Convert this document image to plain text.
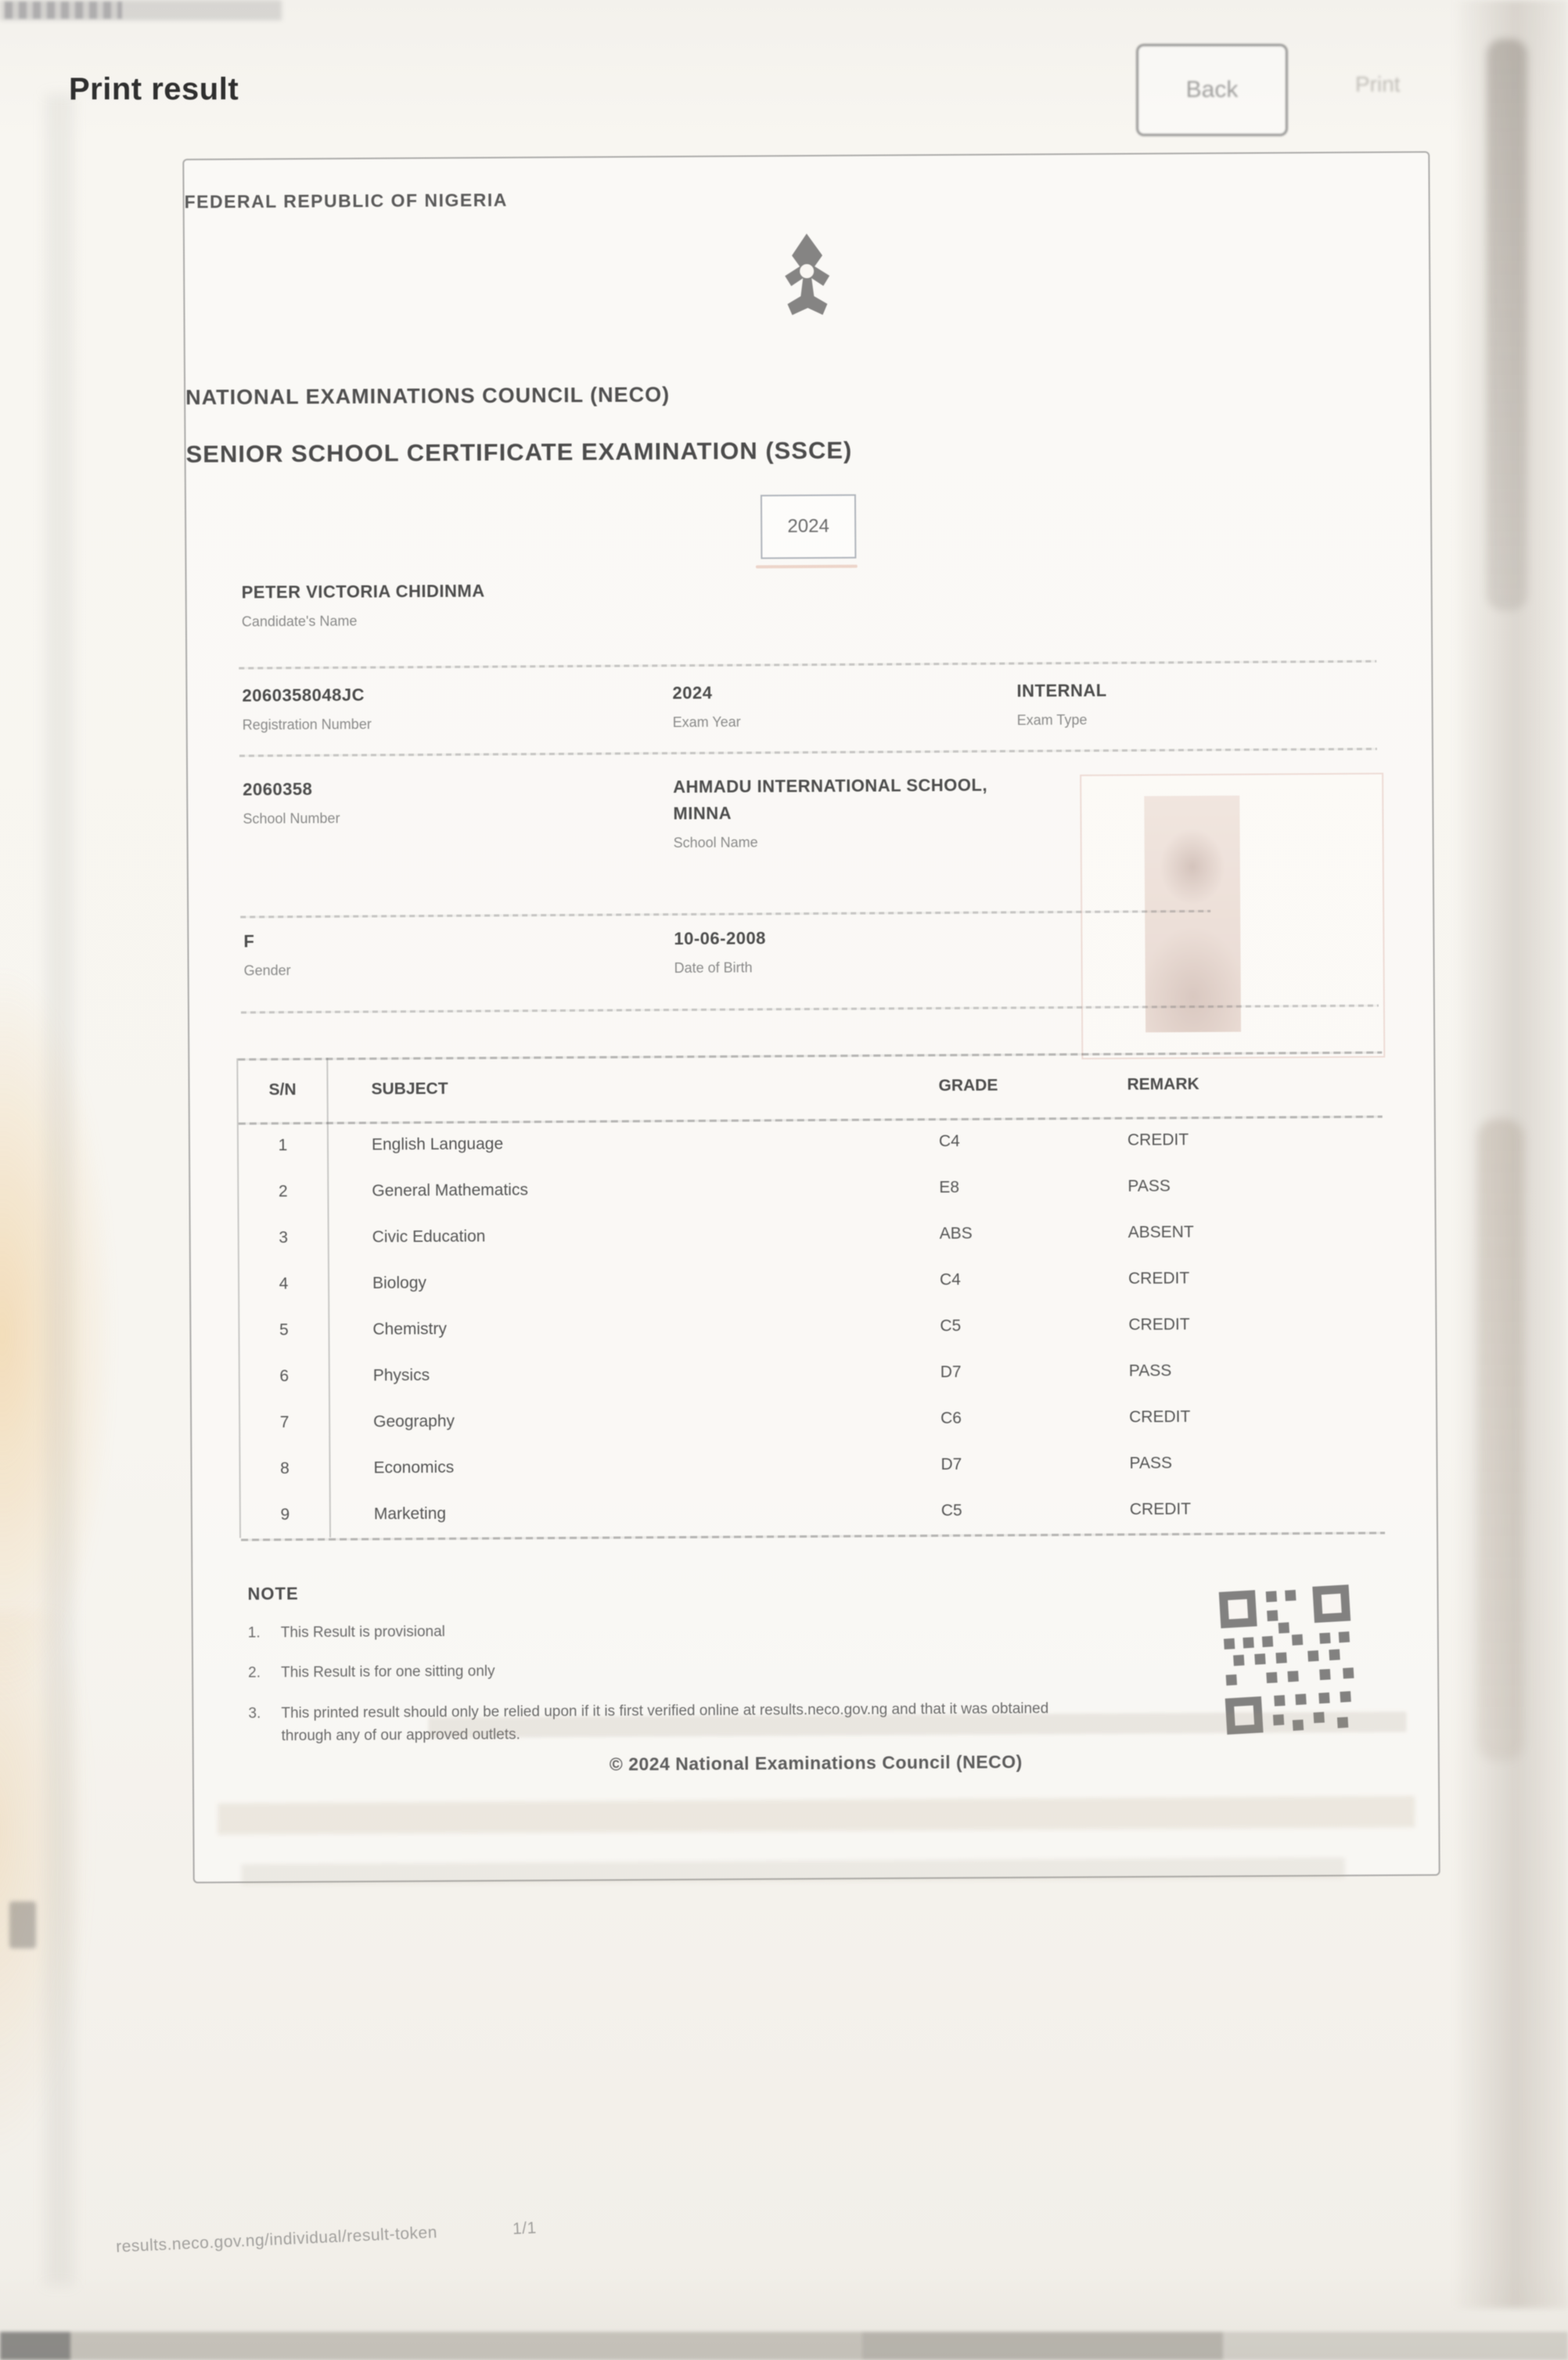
Print result	Back	Print
FEDERAL REPUBLIC OF NIGERIA
NATIONAL EXAMINATIONS COUNCIL (NECO)
SENIOR SCHOOL CERTIFICATE EXAMINATION (SSCE)
2024
PETER VICTORIA CHIDINMA
Candidate's Name
2060358048JC
Registration Number
2024
Exam Year
INTERNAL
Exam Type
2060358
School Number
AHMADU INTERNATIONAL SCHOOL,
MINNA
School Name
F
Gender
10-06-2008
Date of Birth
S/N	SUBJECT	GRADE	REMARK
1	English Language	C4	CREDIT
2	General Mathematics	E8	PASS
3	Civic Education	ABS	ABSENT
4	Biology	C4	CREDIT
5	Chemistry	C5	CREDIT
6	Physics	D7	PASS
7	Geography	C6	CREDIT
8	Economics	D7	PASS
9	Marketing	C5	CREDIT
NOTE
1.	This Result is provisional
2.	This Result is for one sitting only
3.	This printed result should only be relied upon if it is first verified online at results.neco.gov.ng and that it was obtained through any of our approved outlets.
© 2024 National Examinations Council (NECO)
results.neco.gov.ng/individual/result-token	1/1
